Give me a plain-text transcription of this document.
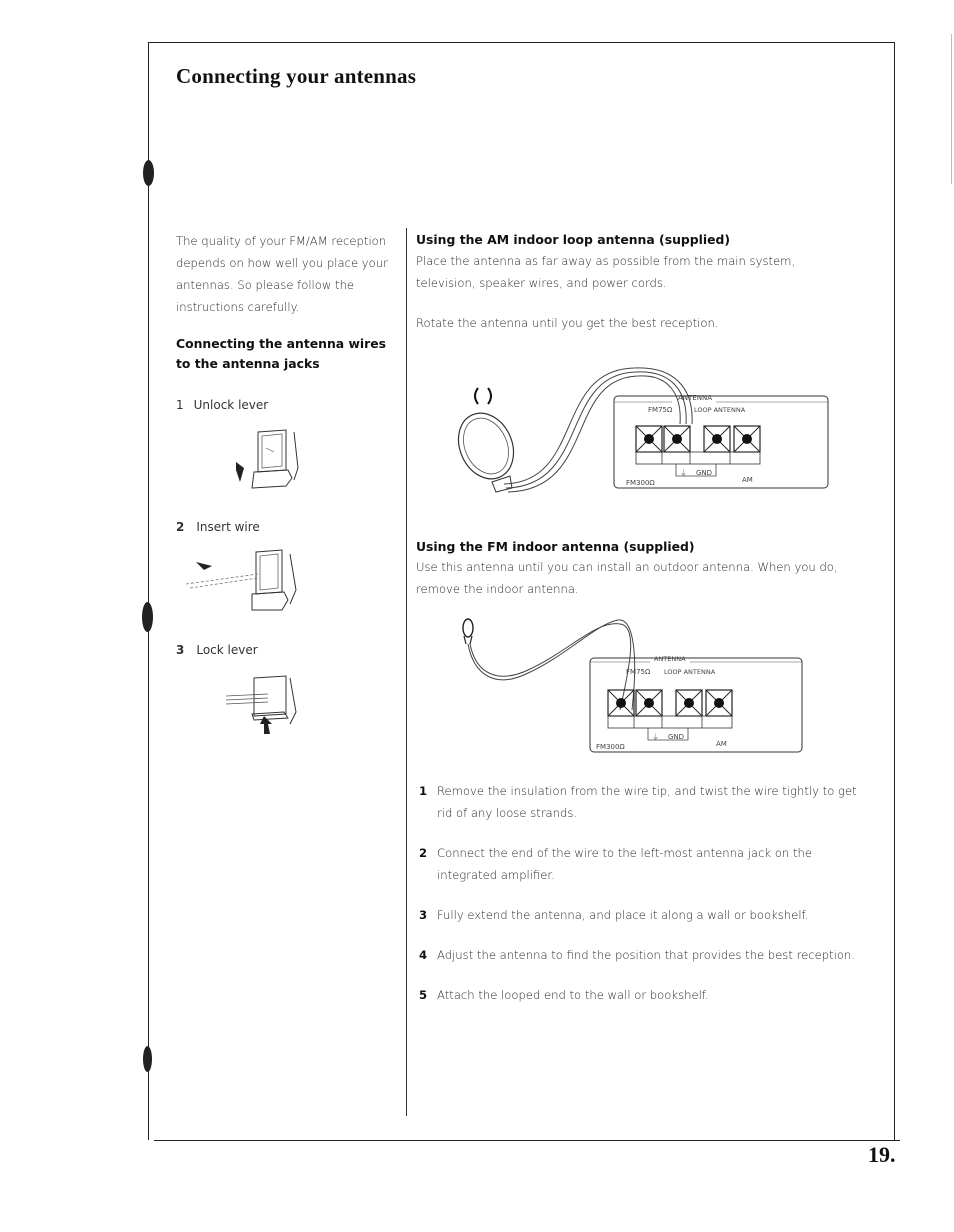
Connecting your antennas

The quality of your FM/AM reception depends on how well you place your antennas. So please follow the instructions carefully.

Connecting the antenna wires to the antenna jacks
1 Unlock lever
2 Insert wire
3 Lock lever
Using the AM indoor loop antenna (supplied)

Place the antenna as far away as possible from the main system, television, speaker wires, and power cords.

Rotate the antenna until you get the best reception.

ANTENNA
FM75Ω	LOOP ANTENNA
⏚ GND
FM300Ω	AM
Using the FM indoor antenna (supplied)

Use this antenna until you can install an outdoor antenna. When you do, remove the indoor antenna.

ANTENNA
FM75Ω LOOP ANTENNA
⏚ GND
FM300Ω	AM
1 Remove the insulation from the wire tip, and twist the wire tightly to get rid of any loose strands.
2 Connect the end of the wire to the left-most antenna jack on the integrated amplifier.
3 Fully extend the antenna, and place it along a wall or bookshelf.
4 Adjust the antenna to find the position that provides the best reception.
5 Attach the looped end to the wall or bookshelf.
19.
